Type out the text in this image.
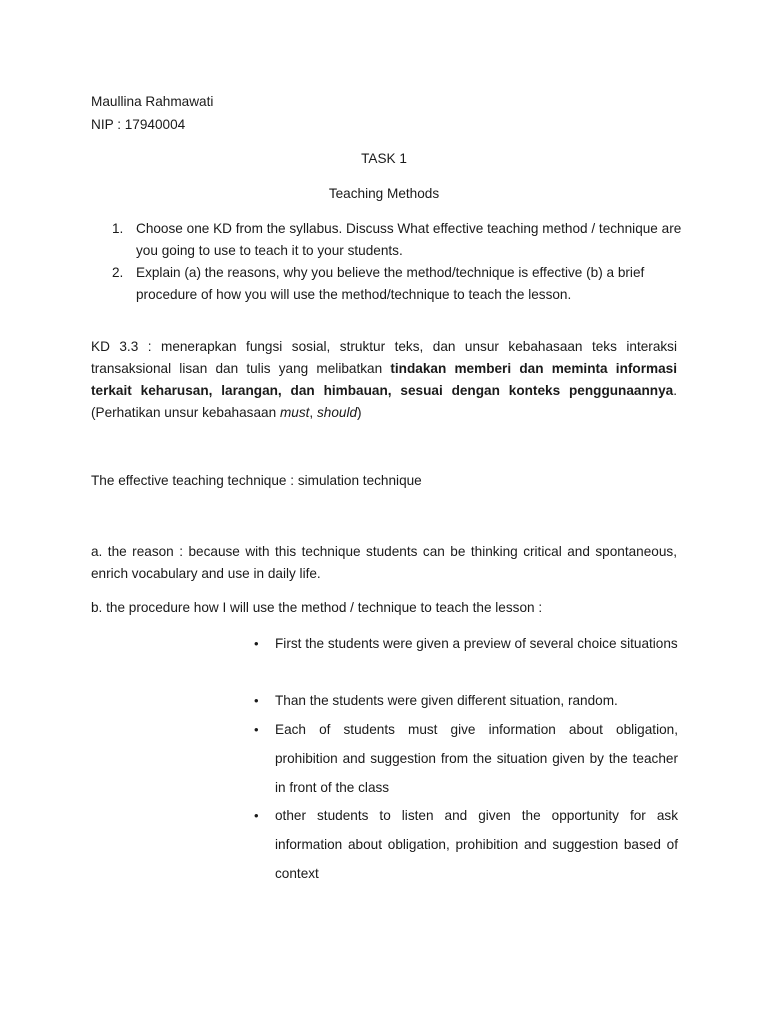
Maullina Rahmawati
NIP : 17940004
TASK 1
Teaching Methods
1. Choose one KD from the syllabus. Discuss What effective teaching method / technique are you going to use to teach it to your students.
2. Explain (a) the reasons, why you believe the method/technique is effective (b) a brief procedure of how you will use the method/technique to teach the lesson.
KD 3.3 : menerapkan fungsi sosial, struktur teks, dan unsur kebahasaan teks interaksi transaksional lisan dan tulis yang melibatkan tindakan memberi dan meminta informasi terkait keharusan, larangan, dan himbauan, sesuai dengan konteks penggunaannya. (Perhatikan unsur kebahasaan must, should)
The effective teaching technique : simulation technique
a. the reason : because with this technique students can be thinking critical and spontaneous, enrich vocabulary and use in daily life.
b. the procedure how I will use the method / technique to teach the lesson :
• First the students were given a preview of several choice situations
• Than the students were given different situation, random.
• Each of students must give information about obligation, prohibition and suggestion from the situation given by the teacher in front of the class
• other students to listen and given the opportunity for ask information about obligation, prohibition and suggestion based of context
